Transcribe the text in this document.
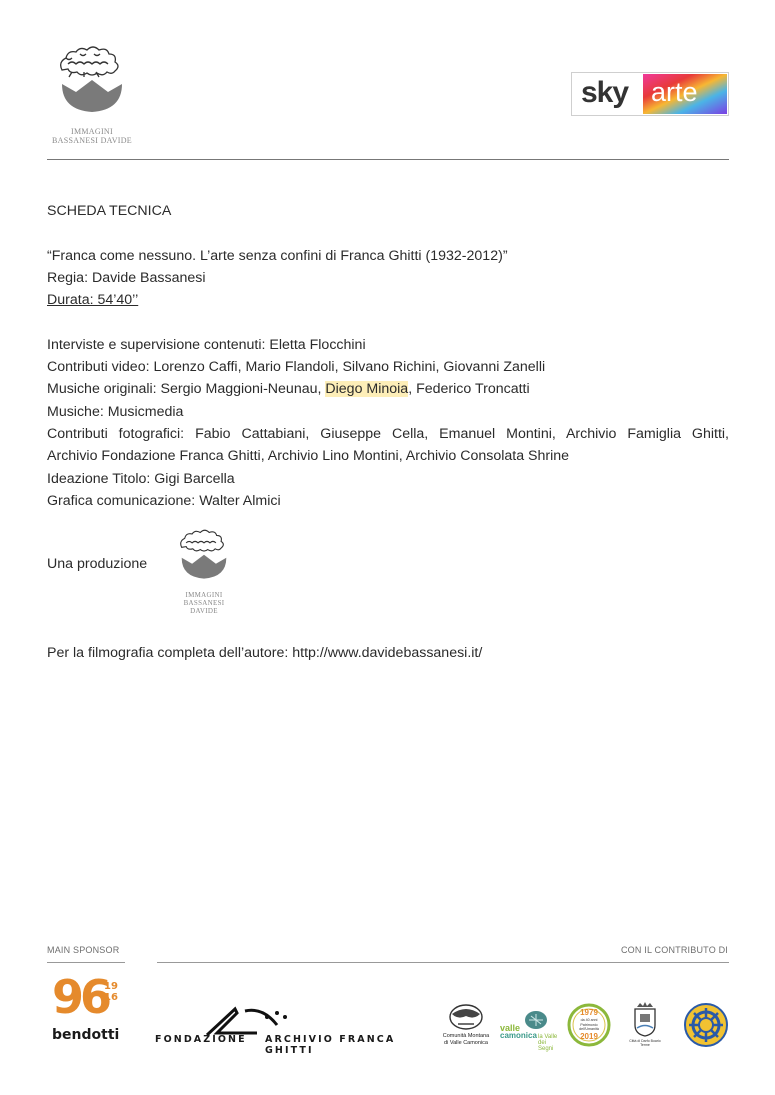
IMMAGINI
BASSANESI DAVIDE
sky arte
SCHEDA TECNICA

“Franca come nessuno. L’arte senza confini di Franca Ghitti (1932-2012)”
Regia: Davide Bassanesi
Durata: 54’40’’

Interviste e supervisione contenuti: Eletta Flocchini
Contributi video: Lorenzo Caffi, Mario Flandoli, Silvano Richini, Giovanni Zanelli
Musiche originali: Sergio Maggioni-Neunau, Diego Minoia, Federico Troncatti
Musiche: Musicmedia
Contributi fotografici: Fabio Cattabiani, Giuseppe Cella, Emanuel Montini, Archivio Famiglia Ghitti,
Archivio Fondazione Franca Ghitti, Archivio Lino Montini, Archivio Consolata Shrine
Ideazione Titolo: Gigi Barcella
Grafica comunicazione: Walter Almici
Una produzione
IMMAGINI
BASSANESI DAVIDE
Per la filmografia completa dell’autore: http://www.davidebassanesi.it/
MAIN SPONSOR	CON IL CONTRIBUTO DI
96
19
16
bendotti	FONDAZIONE ARCHIVIO FRANCA GHITTI
Comunità Montana
di Valle Camonica
valle
camonica la Valle
dei Segni
1979
da 40 anni Patrimonio dell'Umanità
2019	Città di Darfo Boario Terme
